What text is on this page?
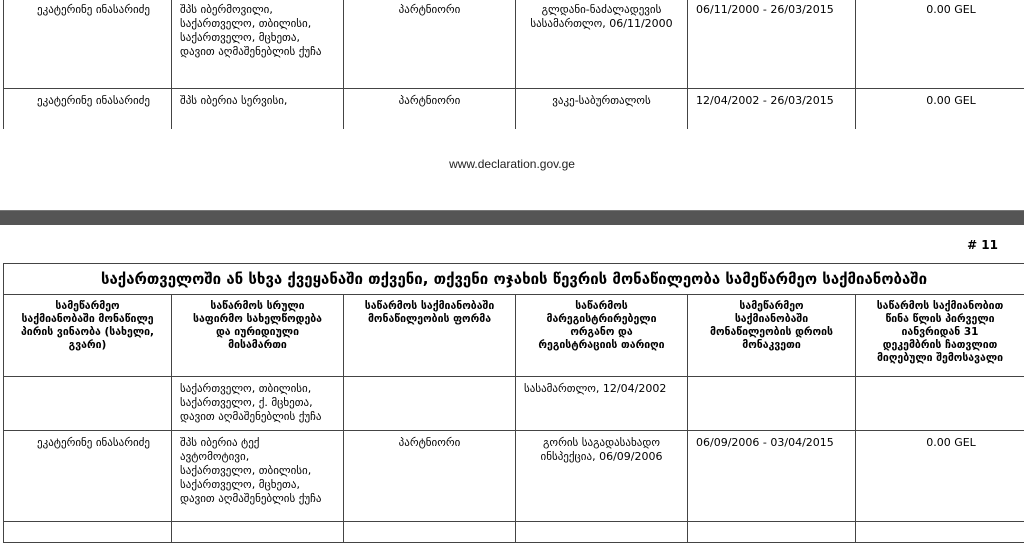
ეკატერინე ინასარიძე	შპს იბერმოვილი,
საქართველო, თბილისი,
საქართველო, მცხეთა,
დავით აღმაშენებლის ქუჩა	პარტნიორი	გლდანი-ნაძალადევის
სასამართლო, 06/11/2000	06/11/2000 - 26/03/2015	0.00 GEL

ეკატერინე ინასარიძე	შპს იბერია სერვისი,	პარტნიორი	ვაკე-საბურთალოს	12/04/2002 - 26/03/2015	0.00 GEL
www.declaration.gov.ge
# 11
საქართველოში ან სხვა ქვეყანაში თქვენი, თქვენი ოჯახის წევრის მონაწილეობა სამეწარმეო საქმიანობაში					
სამეწარმეო
საქმიანობაში მონაწილე
პირის ვინაობა (სახელი,
გვარი)	საწარმოს სრული
საფირმო სახელწოდება
და იურიდიული
მისამართი	საწარმოს საქმიანობაში
მონაწილეობის ფორმა	საწარმოს
მარეგისტრირებელი
ორგანო და
რეგისტრაციის თარიღი	სამეწარმეო
საქმიანობაში
მონაწილეობის დროის
მონაკვეთი	საწარმოს საქმიანობით
წინა წლის პირველი
იანვრიდან 31
დეკემბრის ჩათვლით
მიღებული შემოსავალი

	საქართველო, თბილისი,
საქართველო, ქ. მცხეთა,
დავით აღმაშენებლის ქუჩა		სასამართლო, 12/04/2002		

ეკატერინე ინასარიძე	შპს იბერია ტექ
ავტომოტივი,
საქართველო, თბილისი,
საქართველო, მცხეთა,
დავით აღმაშენებლის ქუჩა	პარტნიორი	გორის საგადასახადო
ინსპექცია, 06/09/2006	06/09/2006 - 03/04/2015	0.00 GEL
